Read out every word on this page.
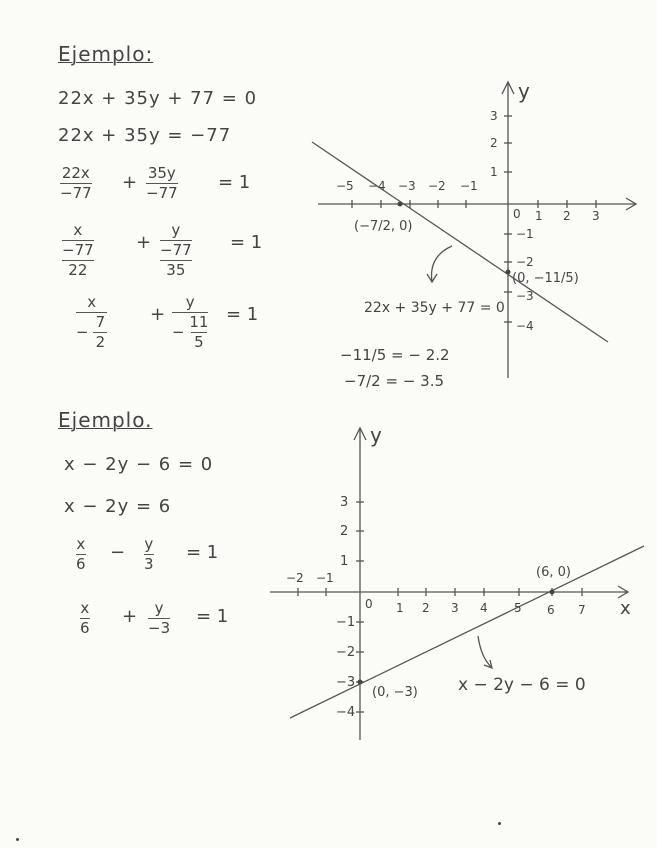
Ejemplo:
22x + 35y + 77 = 0
22x + 35y = −77
22x
−77 + 35y
−77 = 1
x
−77
22
+
y
−77
35
= 1
x
− $\frac{7}{2}$ +
y
− $\frac{11}{5} = 1$
Ejemplo.
x − 2y − 6 = 0
x − 2y = 6
x
6
− y
3
= 1
x
6
+ y
−3
= 1
y
−5 −4 −3 −2 −1
0 1 2 3
3
2
1
−1
−2
−3
−4
(−7/2, 0)
(0, −11/5)
22x + 35y + 77 = 0
−11/5 = − 2.2
−7/2 = − 3.5
y
x
−2 −1
0 1 2 3 4 5 6 7
3
2
1
−1
−2
−3
−4
(6, 0)
(0, −3) x − 2y − 6 = 0
